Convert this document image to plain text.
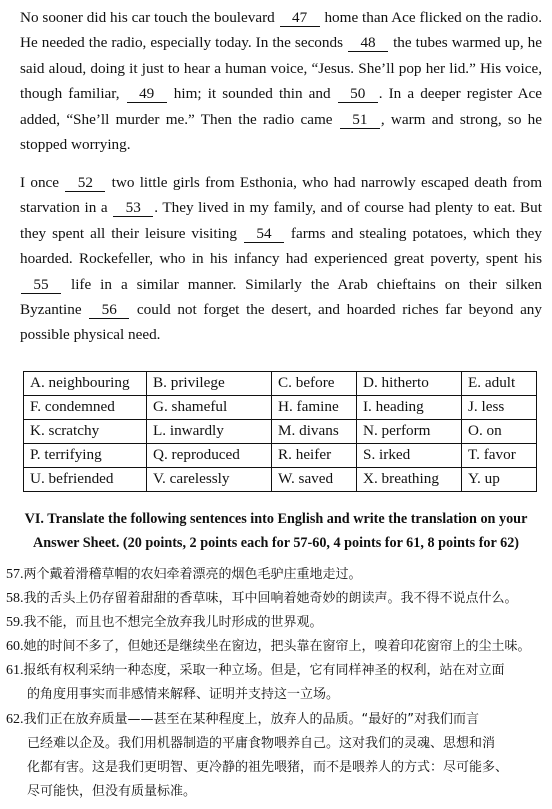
No sooner did his car touch the boulevard 47 home than Ace flicked on the radio. He needed the radio, especially today. In the seconds 48 the tubes warmed up, he said aloud, doing it just to hear a human voice, “Jesus. She’ll pop her lid.” His voice, though familiar, 49 him; it sounded thin and 50 . In a deeper register Ace added, “She’ll murder me.” Then the radio came 51 , warm and strong, so he stopped worrying.

I once 52 two little girls from Esthonia, who had narrowly escaped death from starvation in a 53 . They lived in my family, and of course had plenty to eat. But they spent all their leisure visiting 54 farms and stealing potatoes, which they hoarded. Rockefeller, who in his infancy had experienced great poverty, spent his 55 life in a similar manner. Similarly the Arab chieftains on their silken Byzantine 56 could not forget the desert, and hoarded riches far beyond any possible physical need.

A. neighbouring	B. privilege	C. before	D. hitherto	E. adult
F. condemned	G. shameful	H. famine	I. heading	J. less
K. scratchy	L. inwardly	M. divans	N. perform	O. on
P. terrifying	Q. reproduced	R. heifer	S. irked	T. favor
U. befriended	V. carelessly	W. saved	X. breathing	Y. up

VI. Translate the following sentences into English and write the translation on your
Answer Sheet. (20 points, 2 points each for 57-60, 4 points for 61, 8 points for 62)

57.两个戴着滑稽草帽的农妇牵着漂亮的烟色毛驴庄重地走过。
58.我的舌头上仍存留着甜甜的香草味，耳中回响着她奇妙的朗读声。我不得不说点什么。
59.我不能，而且也不想完全放弃我儿时形成的世界观。
60.她的时间不多了，但她还是继续坐在窗边，把头靠在窗帘上，嗅着印花窗帘上的尘土味。
61.报纸有权利采纳一种态度，采取一种立场。但是，它有同样神圣的权利，站在对立面
的角度用事实而非感情来解释、证明并支持这一立场。
62.我们正在放弃质量——甚至在某种程度上，放弃人的品质。“最好的”对我们而言
已经难以企及。我们用机器制造的平庸食物喂养自己。这对我们的灵魂、思想和消
化都有害。这是我们更明智、更冷静的祖先喂猪，而不是喂养人的方式：尽可能多、
尽可能快，但没有质量标准。
